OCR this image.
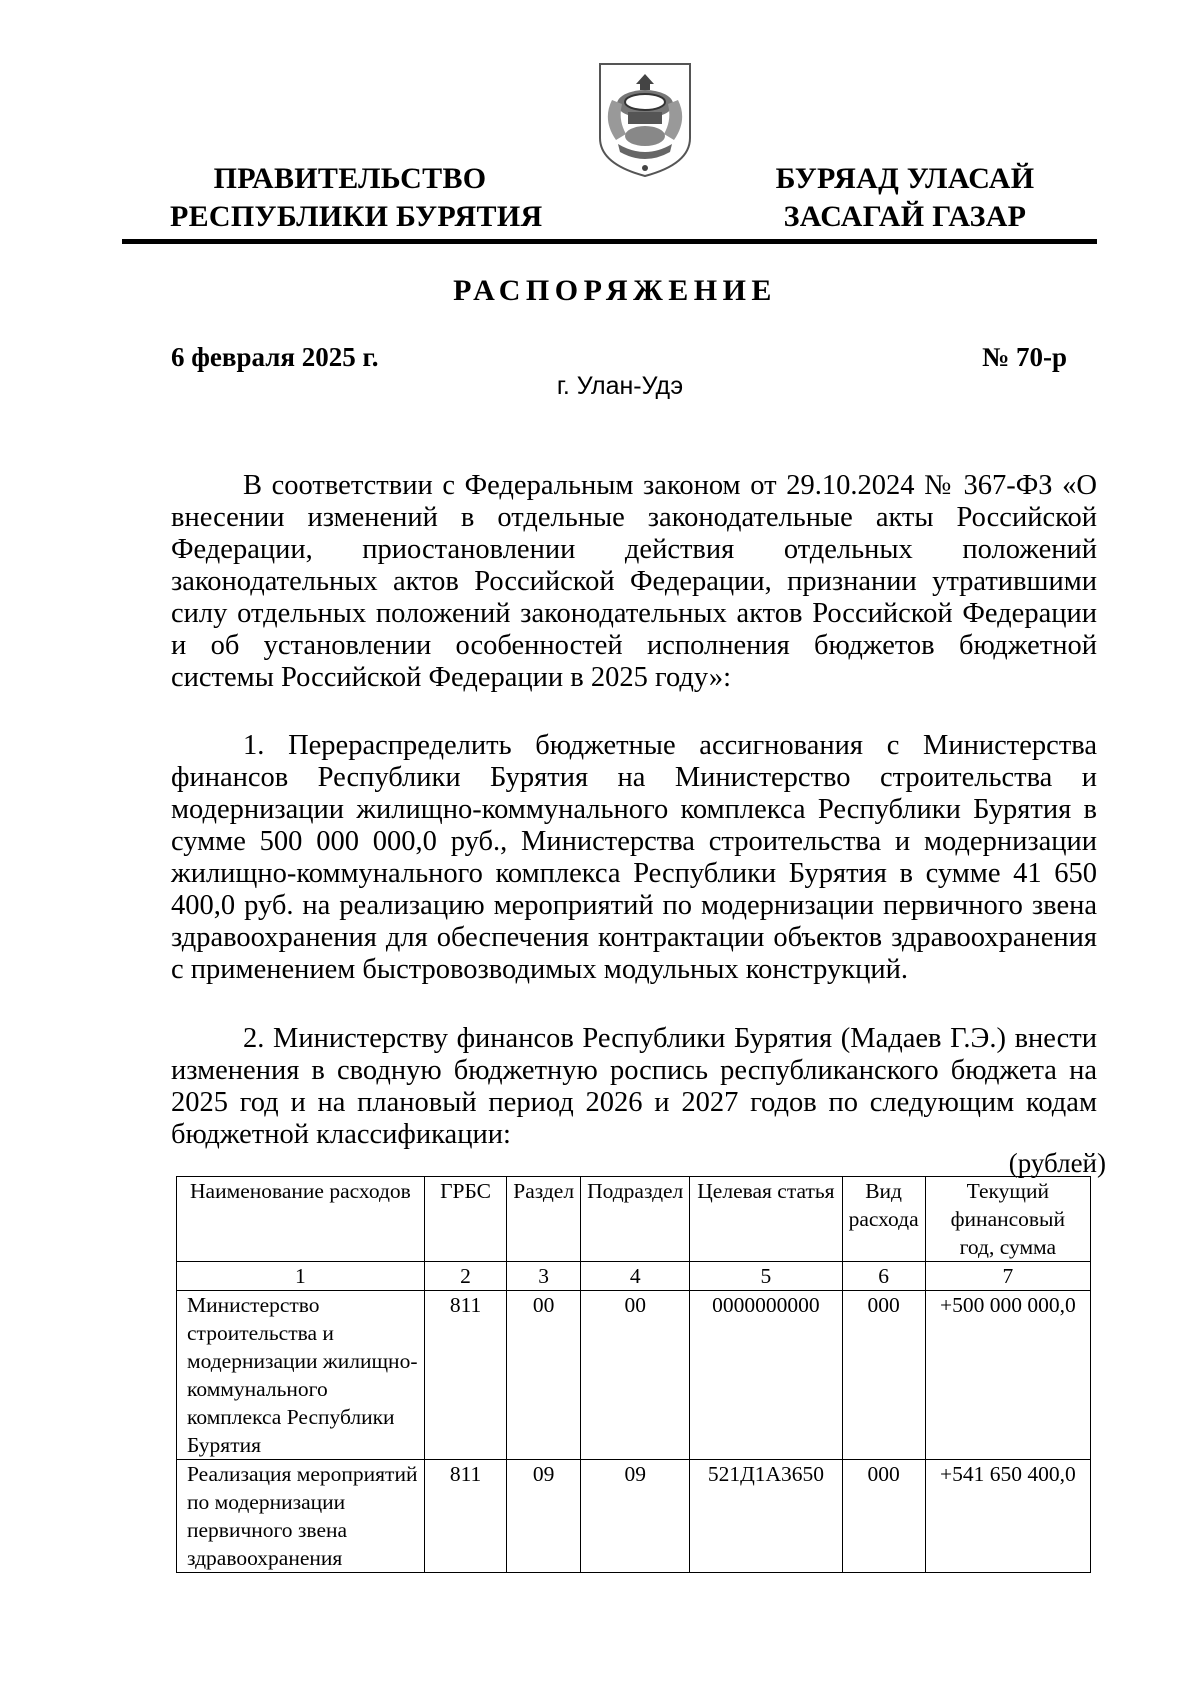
ПРАВИТЕЛЬСТВО
РЕСПУБЛИКИ БУРЯТИЯ
БУРЯАД УЛАСАЙ
ЗАСАГАЙ ГАЗАР
РАСПОРЯЖЕНИЕ
6 февраля 2025 г.	№ 70-р
г. Улан-Удэ

В соответствии с Федеральным законом от 29.10.2024 № 367-ФЗ «О внесении изменений в отдельные законодательные акты Российской Федерации, приостановлении действия отдельных положений законодательных актов Российской Федерации, признании утратившими силу отдельных положений законодательных актов Российской Федерации и об установлении особенностей исполнения бюджетов бюджетной системы Российской Федерации в 2025 году»:

1. Перераспределить бюджетные ассигнования с Министерства финансов Республики Бурятия на Министерство строительства и модернизации жилищно-коммунального комплекса Республики Бурятия в сумме 500 000 000,0 руб., Министерства строительства и модернизации жилищно-коммунального комплекса Республики Бурятия в сумме 41 650 400,0 руб. на реализацию мероприятий по модернизации первичного звена здравоохранения для обеспечения контрактации объектов здравоохранения с применением быстровозводимых модульных конструкций.

2. Министерству финансов Республики Бурятия (Мадаев Г.Э.) внести изменения в сводную бюджетную роспись республиканского бюджета на 2025 год и на плановый период 2026 и 2027 годов по следующим кодам бюджетной классификации:

(рублей)
Наименование расходов	ГРБС	Раздел	Подраздел	Целевая статья	Вид расхода	Текущий финансовый год, сумма
1	2	3	4	5	6	7
Министерство строительства и модернизации жилищно-коммунального комплекса Республики Бурятия	811	00	00	0000000000	000	+500 000 000,0
Реализация мероприятий по модернизации первичного звена здравоохранения	811	09	09	521Д1А3650	000	+541 650 400,0
